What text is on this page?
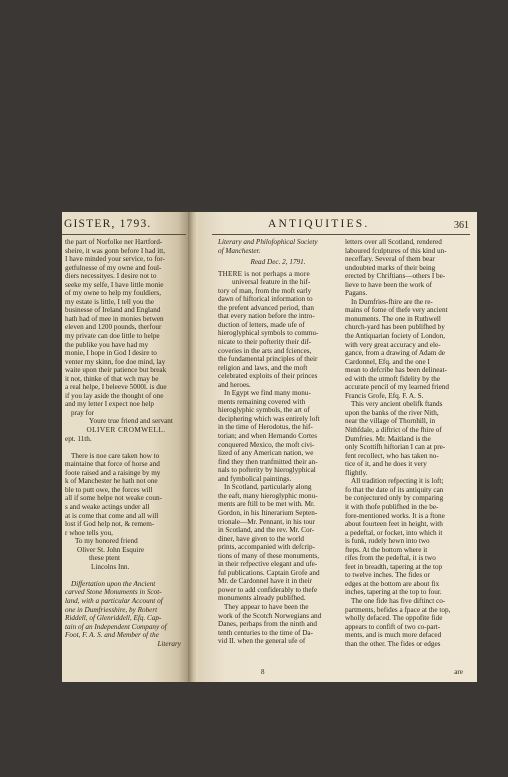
GISTER, 1793.
the part of Norfolke ner Hartford-
sheire, it was gonn before I had itt,
I have minded your service, to for-
getfulnesse of my owne and foul-
diers necessityes. I desire not to
seeke my selfe, I have little monie
of my owne to help my fouldiers,
my estate is little, I tell you the
businesse of Ireland and England
hath had of mee in monies betwen
eleven and 1200 pounds, therfour
my private can doe little to helpe
the publike you have had my
monie, I hope in God I desire to
venter my skinn, foe doe mind, lay
waite upon their patience but break
it not, thinke of that wch may be
a real helpe, I beleeve 5000l. is due
if you lay aside the thought of one
and my letter I expect noe help
pray for
Youre true friend and servant
OLIVER CROMWELL.
ept. 11th.
There is noe care taken how to
maintaine that force of horse and
foote raised and a raisinge by my
k of Manchester he hath not one
ble to putt owe, the forces will
all if some helpe not weake coun-
s and weake actings under all
at is come that come and all will
lost if God help not, & remem-
r whoe tells you,
To my honored friend
Oliver St. John Esquire
these ptent
Lincolns Inn.
Differtation upon the Ancient
carved Stone Monuments in Scot-
land, with a particular Account of
one in Dumfriesshire, by Robert
Riddell, of Glenriddell, Efq. Cap-
tain of an Independent Company of
Foot, F. A. S. and Member of the
Literary
ANTIQUITIES.	361
Literary and Philofophical Society
of Manchester.
Read Dec. 2, 1791.
THERE is not perhaps a more
universal feature in the hif-
tory of man, from the moft early
dawn of hiftorical information to
the prefent advanced period, than
that every nation before the intro-
duction of letters, made ufe of
hieroglyphical symbols to commu-
nicate to their pofterity their dif-
coveries in the arts and fciences,
the fundamental principles of their
religion and laws, and the moft
celebrated exploits of their princes
and heroes.
In Egypt we find many monu-
ments remaining covered with
hieroglyphic symbols, the art of
deciphering which was entirely loft
in the time of Herodotus, the hif-
torian; and when Hernando Cortes
conquered Mexico, the moft civi-
lized of any American nation, we
find they then tranfmitted their an-
nals to pofterity by hieroglyphical
and fymbolical paintings.
In Scotland, particularly along
the eaft, many hieroglyphic monu-
ments are ftill to be met with. Mr.
Gordon, in his Itinerarium Septen-
trionale—Mr. Pennant, in his tour
in Scotland, and the rev. Mr. Cor-
diner, have given to the world
prints, accompanied with defcrip-
tions of many of these monuments,
in their refpective elegant and ufe-
ful publications. Captain Grofe and
Mr. de Cardonnel have it in their
power to add confiderably to thefe
monuments already publifhed.
They appear to have been the
work of the Scotch Norwegians and
Danes, perhaps from the ninth and
tenth centuries to the time of Da-
vid II. when the general ufe of
letters over all Scotland, rendered
laboured fculptures of this kind un-
neceffary. Several of them bear
undoubted marks of their being
erected by Chriftians—others I be-
lieve to have been the work of
Pagans.
In Dumfries-fhire are the re-
mains of fome of thefe very ancient
monuments. The one in Ruthwell
church-yard has been publifhed by
the Antiquarian fociety of London,
with very great accuracy and ele-
gance, from a drawing of Adam de
Cardonnel, Efq. and the one I
mean to defcribe has been delineat-
ed with the utmoft fidelity by the
accurate pencil of my learned friend
Francis Grofe, Efq. F. A. S.
This very ancient obelifk ftands
upon the banks of the river Nith,
near the village of Thornhill, in
Nithfdale, a diftrict of the fhire of
Dumfries. Mr. Maitland is the
only Scottifh hiftorian I can at pre-
fent recollect, who has taken no-
tice of it, and he does it very
flightly.
All tradition refpecting it is loft;
fo that the date of its antiquity can
be conjectured only by comparing
it with thofe publifhed in the be-
fore-mentioned works. It is a ftone
about fourteen feet in height, with
a pedeftal, or focket, into which it
is funk, rudely hewn into two
fteps. At the bottom where it
rifes from the pedeftal, it is two
feet in breadth, tapering at the top
to twelve inches. The fides or
edges at the bottom are about fix
inches, tapering at the top to four.
The one fide has five diftinct co-
partments, befides a fpace at the top,
wholly defaced. The oppofite fide
appears to confift of two co-part-
ments, and is much more defaced
than the other. The fides or edges
8	are
